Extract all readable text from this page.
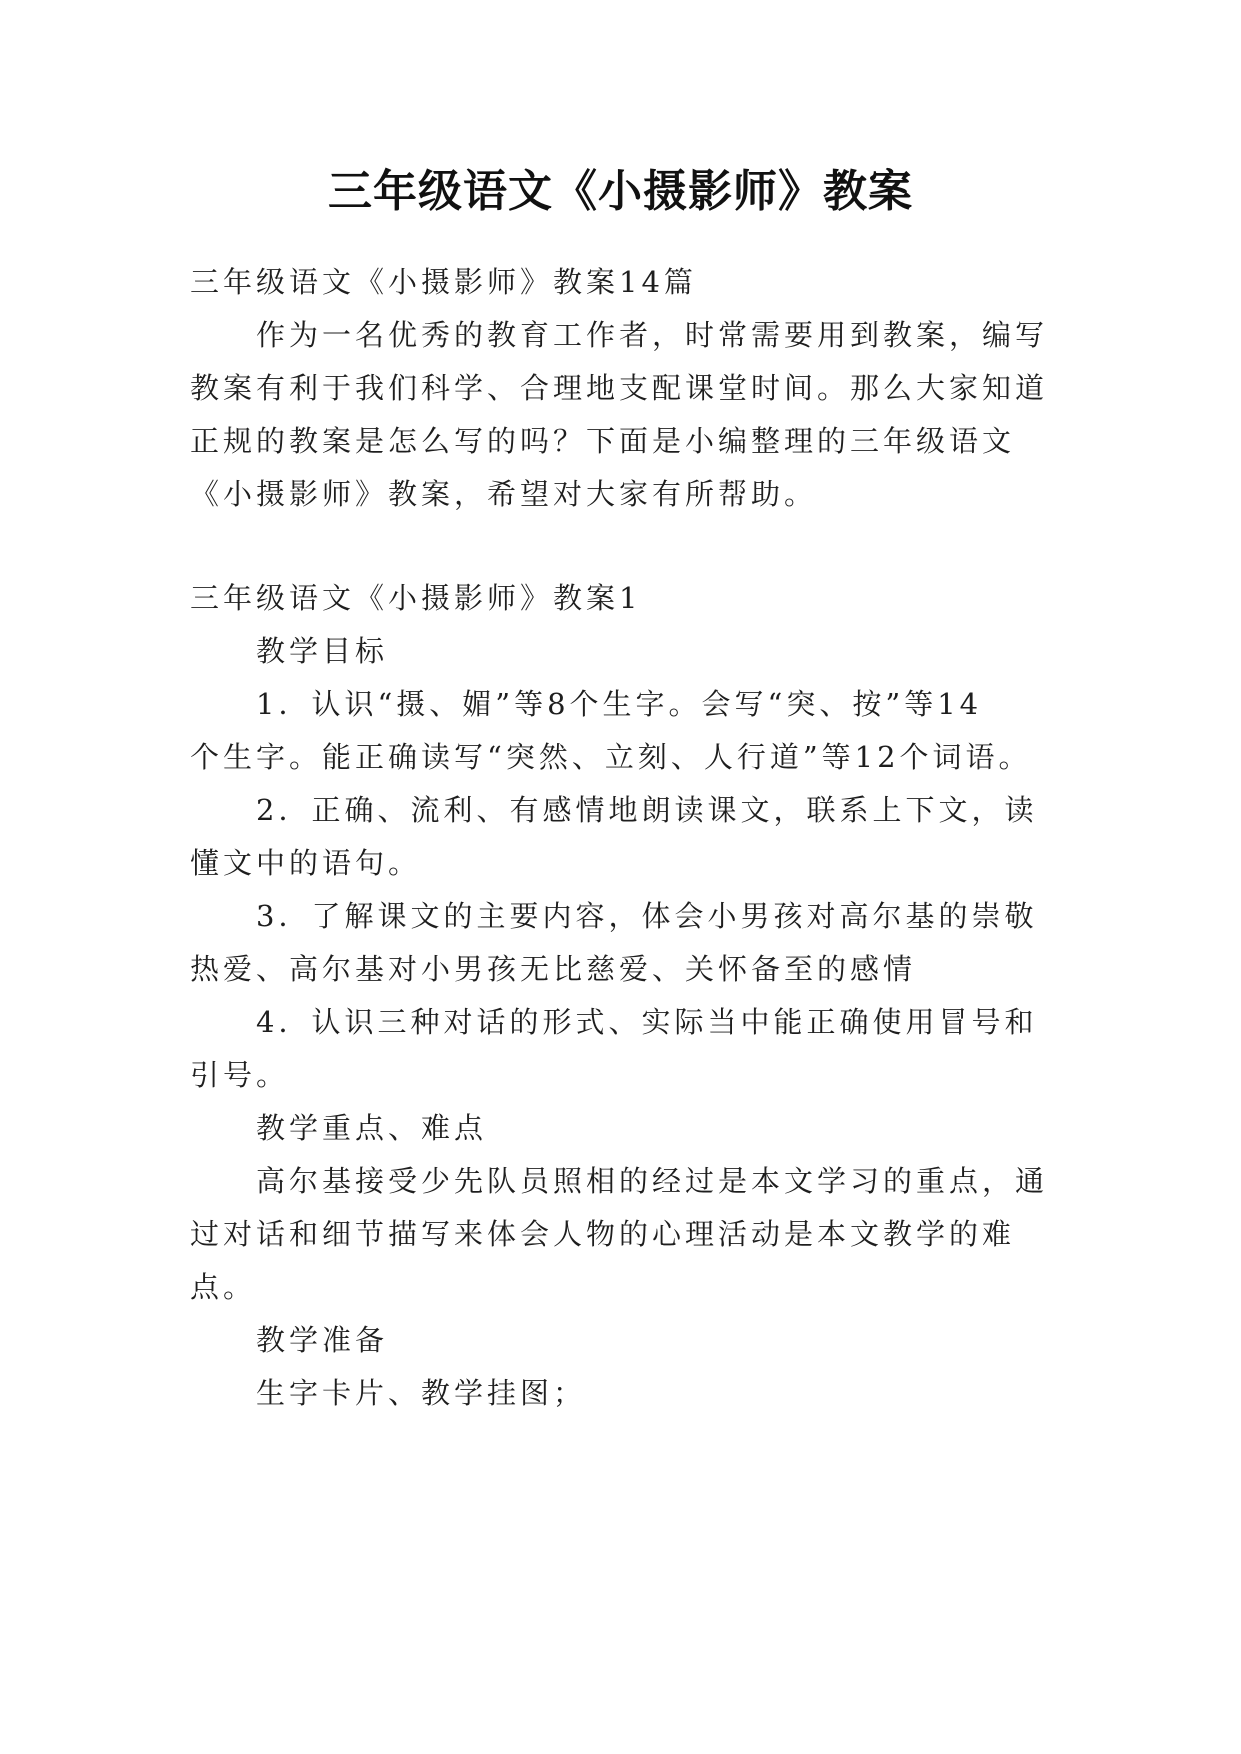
三年级语文《小摄影师》教案
三年级语文《小摄影师》教案14篇
作为一名优秀的教育工作者，时常需要用到教案，编写
教案有利于我们科学、合理地支配课堂时间。那么大家知道
正规的教案是怎么写的吗？下面是小编整理的三年级语文
《小摄影师》教案，希望对大家有所帮助。
三年级语文《小摄影师》教案1
教学目标
1．认识“摄、媚”等8个生字。会写“突、按”等14
个生字。能正确读写“突然、立刻、人行道”等12个词语。
2．正确、流利、有感情地朗读课文，联系上下文，读
懂文中的语句。
3．了解课文的主要内容，体会小男孩对高尔基的崇敬
热爱、高尔基对小男孩无比慈爱、关怀备至的感情
4．认识三种对话的形式、实际当中能正确使用冒号和
引号。
教学重点、难点
高尔基接受少先队员照相的经过是本文学习的重点，通
过对话和细节描写来体会人物的心理活动是本文教学的难
点。
教学准备
生字卡片、教学挂图；
